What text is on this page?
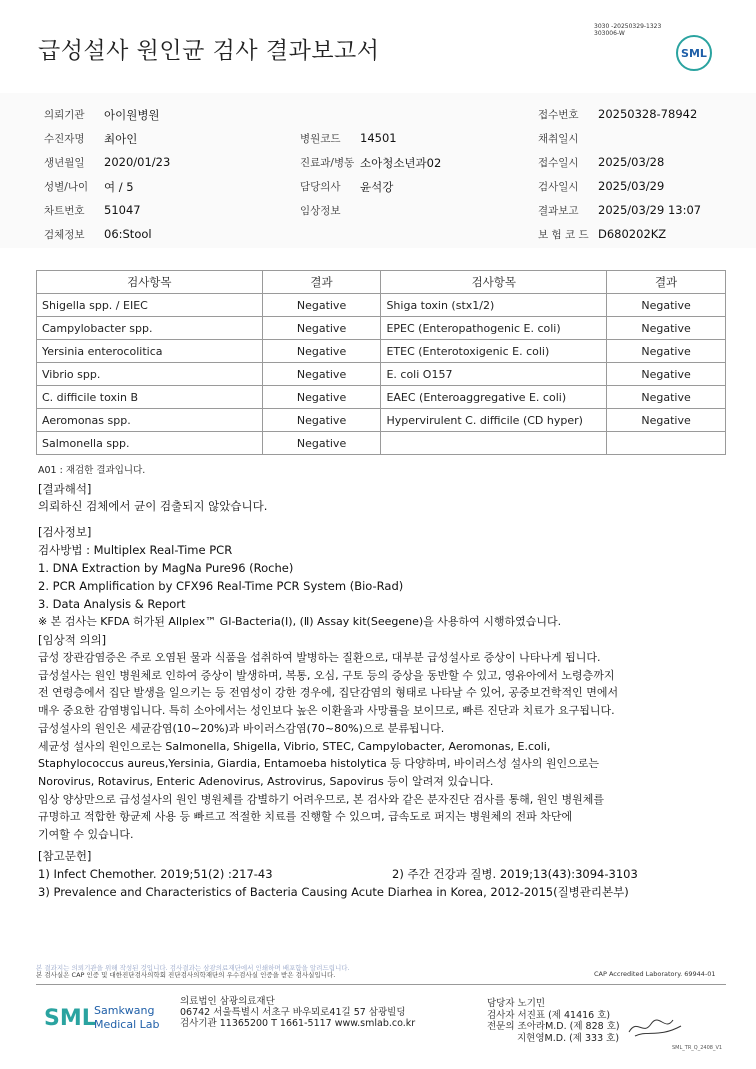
급성설사 원인균 검사 결과보고서
3030 -20250329-1323
303006-W
SML
의뢰기관 아이원병원	접수번호 20250328-78942
수진자명 최아인	병원코드 14501	채취일시
생년월일 2020/01/23	진료과/병동 소아청소년과02	접수일시 2025/03/28
성별/나이 여 / 5	담당의사 윤석강	검사일시 2025/03/29
차트번호 51047	임상정보	결과보고 2025/03/29 13:07
검체정보 06:Stool	보 험 코 드 D680202KZ
검사항목	결과	검사항목	결과
Shigella spp. / EIEC	Negative	Shiga toxin (stx1/2)	Negative
Campylobacter spp.	Negative	EPEC (Enteropathogenic E. coli)	Negative
Yersinia enterocolitica	Negative	ETEC (Enterotoxigenic E. coli)	Negative
Vibrio spp.	Negative	E. coli O157	Negative
C. difficile toxin B	Negative	EAEC (Enteroaggregative E. coli)	Negative
Aeromonas spp.	Negative	Hypervirulent C. difficile (CD hyper)	Negative
Salmonella spp.	Negative		
A01 : 재검한 결과입니다.
[결과해석]
의뢰하신 검체에서 균이 검출되지 않았습니다.
[검사정보]
검사방법 : Multiplex Real-Time PCR
1. DNA Extraction by MagNa Pure96 (Roche)
2. PCR Amplification by CFX96 Real-Time PCR System (Bio-Rad)
3. Data Analysis & Report
※ 본 검사는 KFDA 허가된 Allplex™ GI-Bacteria(Ⅰ), (Ⅱ) Assay kit(Seegene)을 사용하여 시행하였습니다.
[임상적 의의]
급성 장관감염증은 주로 오염된 물과 식품을 섭취하여 발병하는 질환으로, 대부분 급성설사로 증상이 나타나게 됩니다.
급성설사는 원인 병원체로 인하여 증상이 발생하며, 복통, 오심, 구토 등의 증상을 동반할 수 있고, 영유아에서 노령층까지
전 연령층에서 집단 발생을 일으키는 등 전염성이 강한 경우에, 집단감염의 형태로 나타날 수 있어, 공중보건학적인 면에서
매우 중요한 감염병입니다. 특히 소아에서는 성인보다 높은 이환율과 사망률을 보이므로, 빠른 진단과 치료가 요구됩니다.
급성설사의 원인은 세균감염(10~20%)과 바이러스감염(70~80%)으로 분류됩니다.
세균성 설사의 원인으로는 Salmonella, Shigella, Vibrio, STEC, Campylobacter, Aeromonas, E.coli,
Staphylococcus aureus,Yersinia, Giardia, Entamoeba histolytica 등 다양하며, 바이러스성 설사의 원인으로는
Norovirus, Rotavirus, Enteric Adenovirus, Astrovirus, Sapovirus 등이 알려져 있습니다.
임상 양상만으로 급성설사의 원인 병원체를 감별하기 어려우므로, 본 검사와 같은 분자진단 검사를 통해, 원인 병원체를
규명하고 적합한 항균제 사용 등 빠르고 적절한 치료를 진행할 수 있으며, 급속도로 퍼지는 병원체의 전파 차단에
기여할 수 있습니다.
[참고문헌]
1) Infect Chemother. 2019;51(2) :217-43	2) 주간 건강과 질병. 2019;13(43):3094-3103
3) Prevalence and Characteristics of Bacteria Causing Acute Diarhea in Korea, 2012-2015(질병관리본부)
본 결과지는 의뢰기관을 위해 작성된 것입니다. 검사결과는 삼광의료재단에서 인쇄하며 배포함을 알려드립니다.
본 검사실은 CAP 인증 및 대한진단검사의학회 진단검사의학재단의 우수검사실 인증을 받은 검사실입니다.	CAP Accredited Laboratory. 69944-01
SML
Samkwang
Medical Lab
의료법인 삼광의료재단
06742 서울특별시 서초구 바우뫼로41길 57 삼광빌딩
검사기관 11365200 T 1661-5117 www.smlab.co.kr
담당자 노기민
검사자 서진표 (제 41416 호)
전문의 조아라M.D. (제 828 호)
지현영M.D. (제 333 호)
SML_TR_Q_2408_V1
